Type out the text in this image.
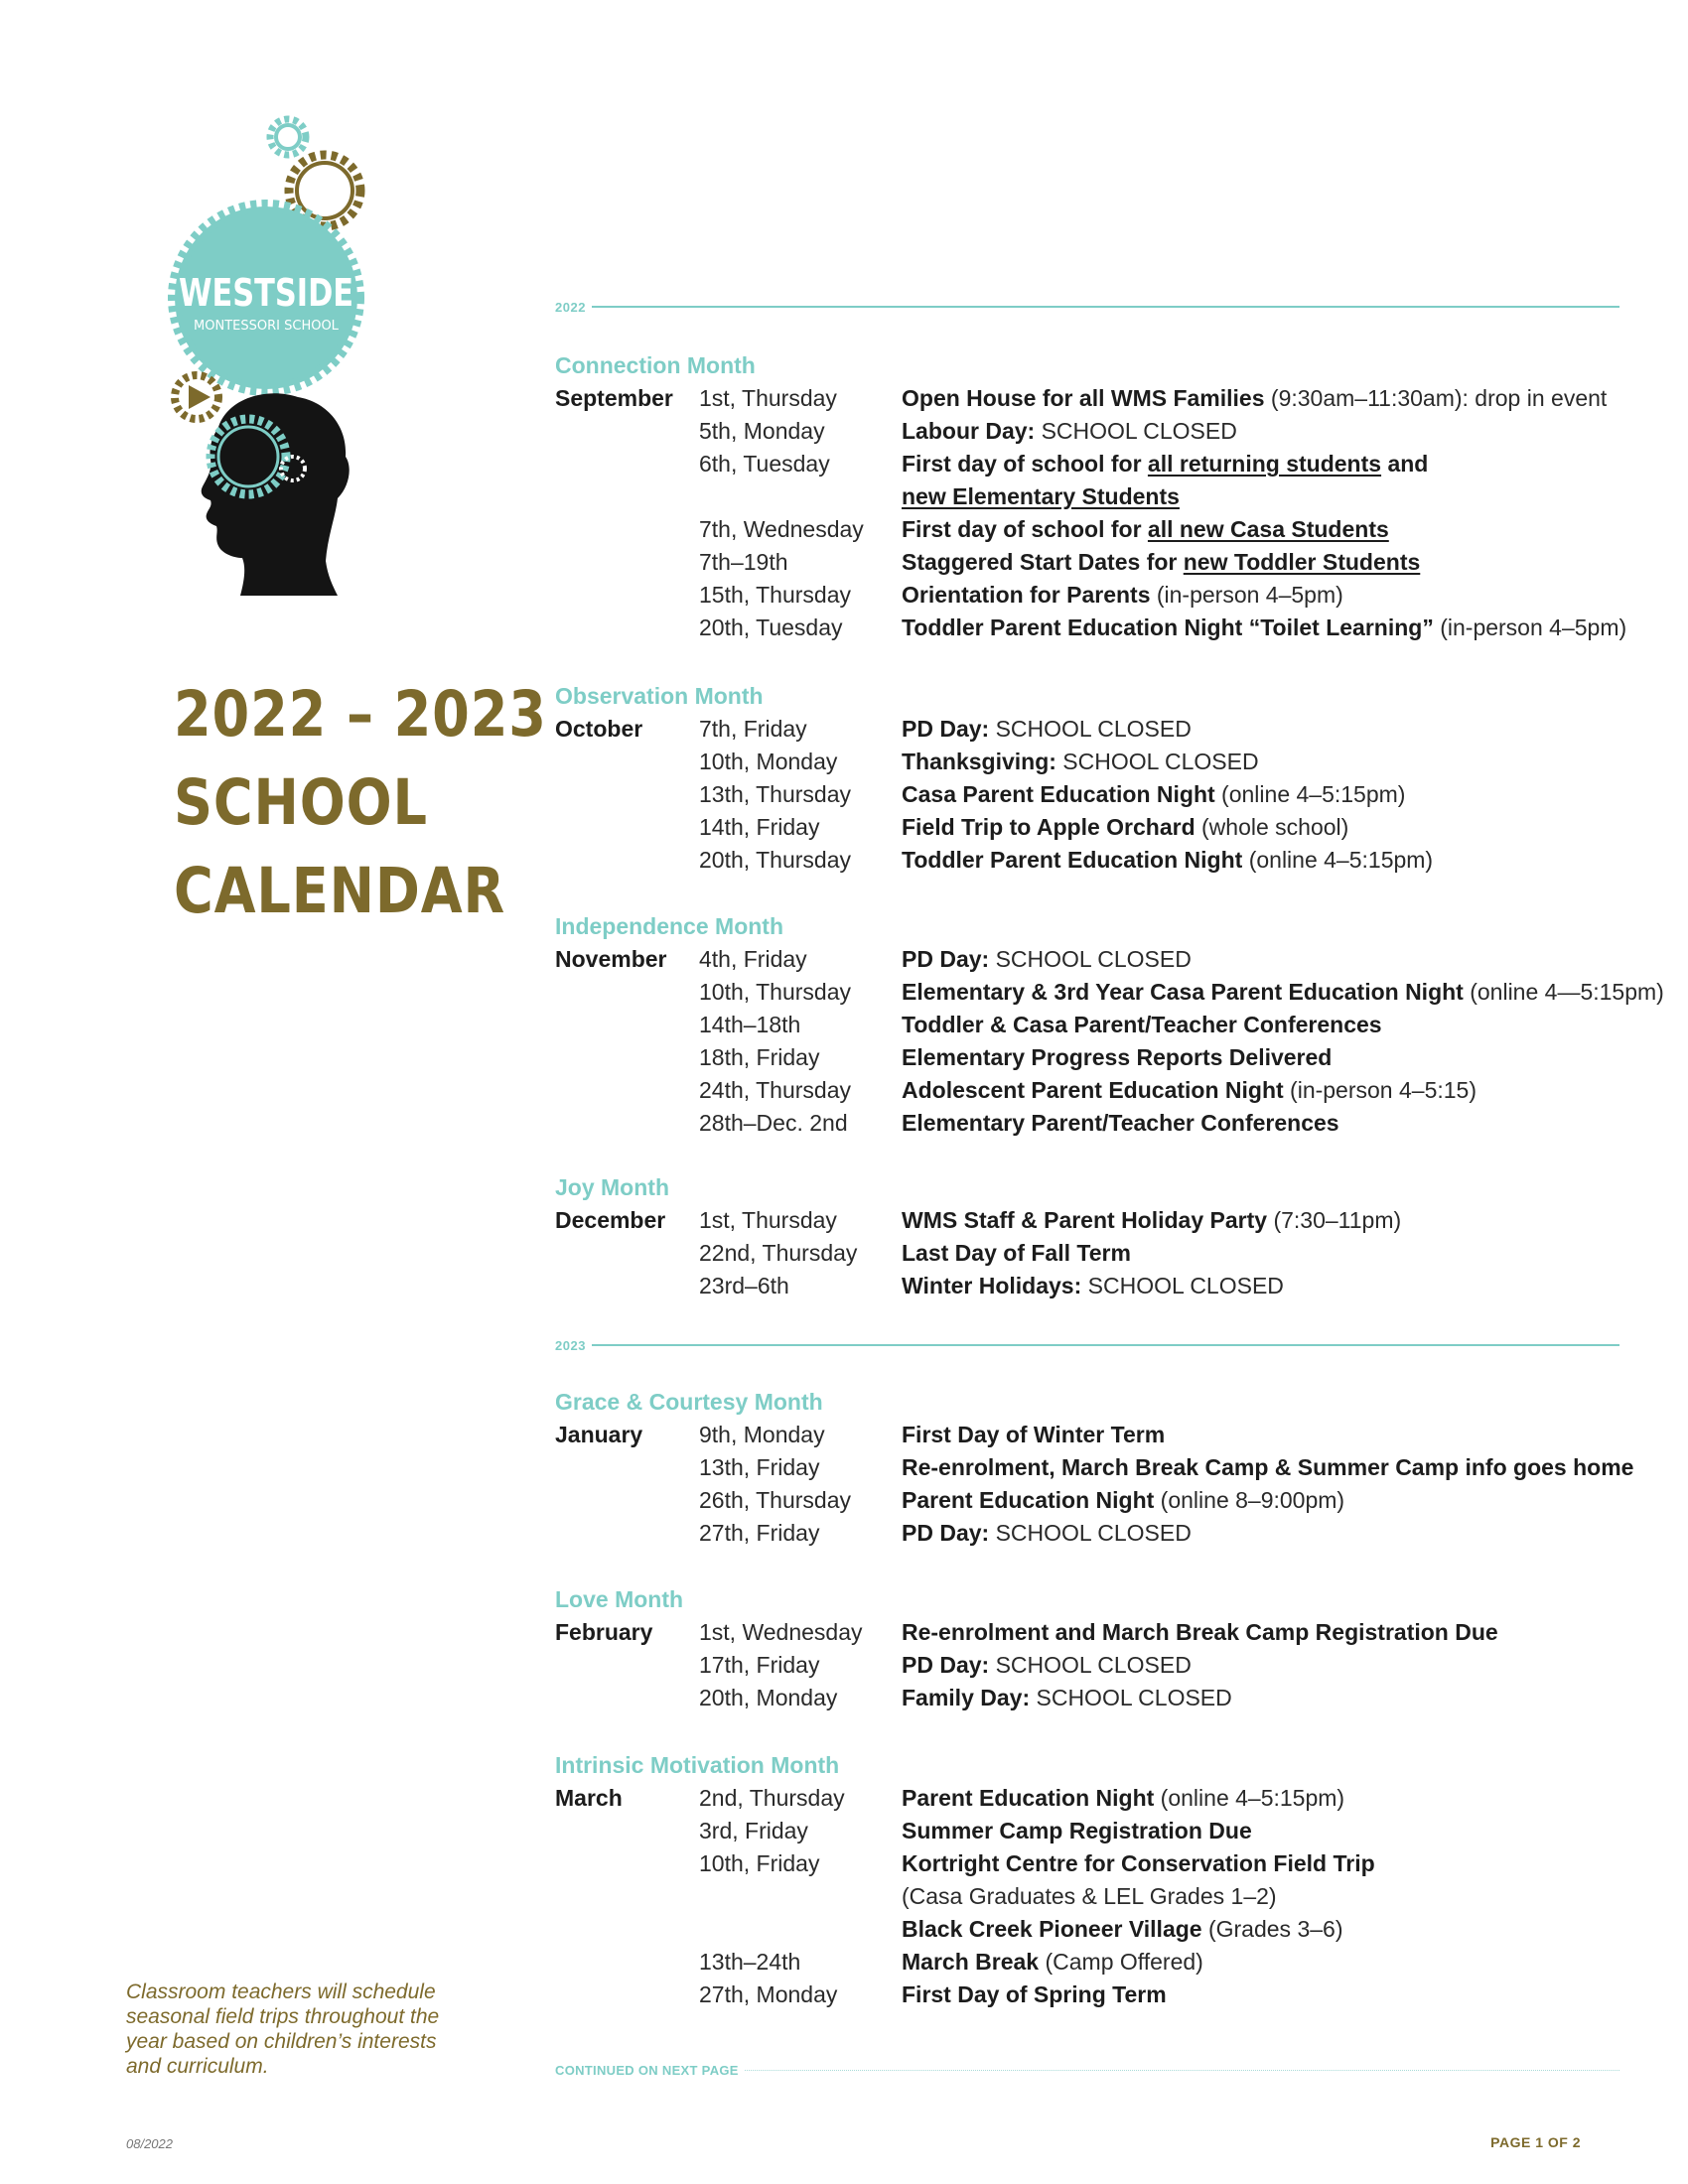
WESTSIDE
MONTESSORI SCHOOL
2022 – 2023
SCHOOL
CALENDAR
Classroom teachers will schedule seasonal field trips throughout the year based on children’s interests and curriculum.
2022
Connection Month
September 1st, Thursday	Open House for all WMS Families (9:30am–11:30am): drop in event
5th, Monday	Labour Day: SCHOOL CLOSED
6th, Tuesday	First day of school for all returning students and
new Elementary Students
7th, Wednesday First day of school for all new Casa Students
7th–19th	Staggered Start Dates for new Toddler Students
15th, Thursday Orientation for Parents (in-person 4–5pm)
20th, Tuesday	Toddler Parent Education Night “Toilet Learning” (in-person 4–5pm)
Observation Month
October 7th, Friday	PD Day: SCHOOL CLOSED
10th, Monday	Thanksgiving: SCHOOL CLOSED
13th, Thursday Casa Parent Education Night (online 4–5:15pm)
14th, Friday	Field Trip to Apple Orchard (whole school)
20th, Thursday Toddler Parent Education Night (online 4–5:15pm)
Independence Month
November 4th, Friday	PD Day: SCHOOL CLOSED
10th, Thursday Elementary & 3rd Year Casa Parent Education Night (online 4—5:15pm)
14th–18th	Toddler & Casa Parent/Teacher Conferences
18th, Friday	Elementary Progress Reports Delivered
24th, Thursday Adolescent Parent Education Night (in-person 4–5:15)
28th–Dec. 2nd Elementary Parent/Teacher Conferences
Joy Month
December 1st, Thursday	WMS Staff & Parent Holiday Party (7:30–11pm)
22nd, Thursday Last Day of Fall Term
23rd–6th	Winter Holidays: SCHOOL CLOSED
2023
Grace & Courtesy Month
January 9th, Monday	First Day of Winter Term
13th, Friday	Re-enrolment, March Break Camp & Summer Camp info goes home
26th, Thursday Parent Education Night (online 8–9:00pm)
27th, Friday	PD Day: SCHOOL CLOSED
Love Month
February 1st, Wednesday Re-enrolment and March Break Camp Registration Due
17th, Friday	PD Day: SCHOOL CLOSED
20th, Monday	Family Day: SCHOOL CLOSED
Intrinsic Motivation Month
March	2nd, Thursday Parent Education Night (online 4–5:15pm)
3rd, Friday	Summer Camp Registration Due
10th, Friday	Kortright Centre for Conservation Field Trip
(Casa Graduates & LEL Grades 1–2)
Black Creek Pioneer Village (Grades 3–6)
13th–24th	March Break (Camp Offered)
27th, Monday	First Day of Spring Term
CONTINUED ON NEXT PAGE
08/2022	PAGE 1 OF 2
